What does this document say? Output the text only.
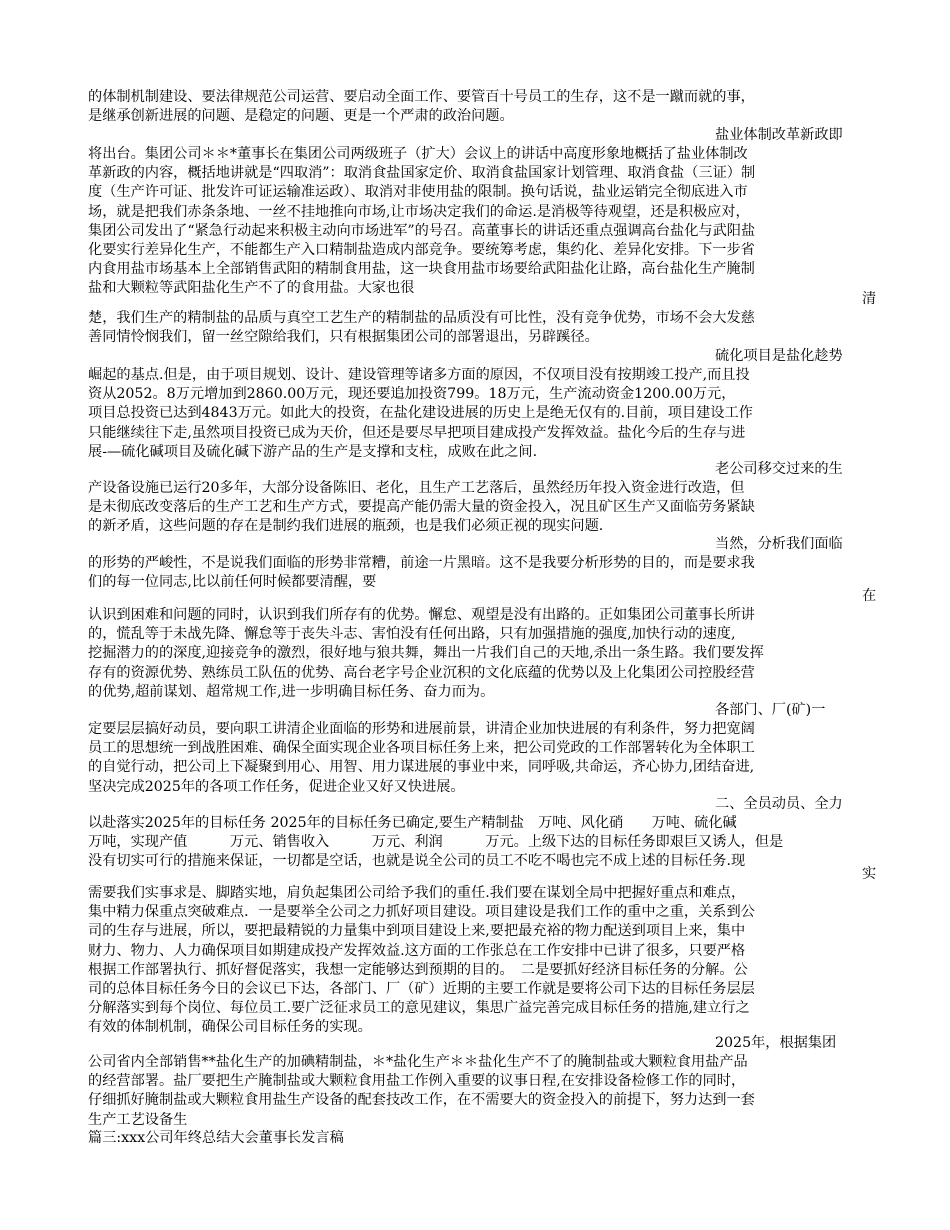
的体制机制建设、要法律规范公司运营、要启动全面工作、要管百十号员工的生存，这不是一蹴而就的事，
是继承创新进展的问题、是稳定的问题、更是一个严肃的政治问题。
盐业体制改革新政即
将出台。集团公司＊＊*董事长在集团公司两级班子（扩大）会议上的讲话中高度形象地概括了盐业体制改
革新政的内容，概括地讲就是“四取消”：取消食盐国家定价、取消食盐国家计划管理、取消食盐（三证）制
度（生产许可证、批发许可证运输准运政）、取消对非使用盐的限制。换句话说，盐业运销完全彻底进入市
场，就是把我们赤条条地、一丝不挂地推向市场,让市场决定我们的命运.是消极等待观望，还是积极应对，
集团公司发出了“紧急行动起来积极主动向市场进军”的号召。高董事长的讲话还重点强调高台盐化与武阳盐
化要实行差异化生产，不能都生产入口精制盐造成内部竞争。要统筹考虑，集约化、差异化安排。下一步省
内食用盐市场基本上全部销售武阳的精制食用盐，这一块食用盐市场要给武阳盐化让路，高台盐化生产腌制
盐和大颗粒等武阳盐化生产不了的食用盐。大家也很
清
楚，我们生产的精制盐的品质与真空工艺生产的精制盐的品质没有可比性，没有竞争优势，市场不会大发慈
善同情怜悯我们，留一丝空隙给我们，只有根据集团公司的部署退出，另辟蹊径。
硫化项目是盐化趁势
崛起的基点.但是，由于项目规划、设计、建设管理等诸多方面的原因，不仅项目没有按期竣工投产,而且投
资从2052。8万元增加到2860.00万元，现还要追加投资799。18万元，生产流动资金1200.00万元，
项目总投资已达到4843万元。如此大的投资，在盐化建设进展的历史上是绝无仅有的.目前，项目建设工作
只能继续往下走,虽然项目投资已成为天价，但还是要尽早把项目建成投产发挥效益。盐化今后的生存与进
展-—硫化碱项目及硫化碱下游产品的生产是支撑和支柱，成败在此之间.
老公司移交过来的生
产设备设施已运行20多年，大部分设备陈旧、老化，且生产工艺落后，虽然经历年投入资金进行改造，但
是未彻底改变落后的生产工艺和生产方式，要提高产能仍需大量的资金投入，况且矿区生产又面临劳务紧缺
的新矛盾，这些问题的存在是制约我们进展的瓶颈，也是我们必须正视的现实问题.
当然，分析我们面临
的形势的严峻性，不是说我们面临的形势非常糟，前途一片黑暗。这不是我要分析形势的目的，而是要求我
们的每一位同志,比以前任何时候都要清醒，要
在
认识到困难和问题的同时，认识到我们所存有的优势。懈怠、观望是没有出路的。正如集团公司董事长所讲
的，慌乱等于未战先降、懈怠等于丧失斗志、害怕没有任何出路，只有加强措施的强度,加快行动的速度,
挖掘潜力的的深度,迎接竞争的激烈，很好地与狼共舞，舞出一片我们自己的天地,杀出一条生路。我们要发挥
存有的资源优势、熟练员工队伍的优势、高台老字号企业沉积的文化底蕴的优势以及上化集团公司控股经营
的优势,超前谋划、超常规工作,进一步明确目标任务、奋力而为。
各部门、厂(矿)一
定要层层搞好动员，要向职工讲清企业面临的形势和进展前景，讲清企业加快进展的有利条件，努力把宽阔
员工的思想统一到战胜困难、确保全面实现企业各项目标任务上来，把公司党政的工作部署转化为全体职工
的自觉行动，把公司上下凝聚到用心、用智、用力谋进展的事业中来，同呼吸,共命运，齐心协力,团结奋进,
坚决完成2025年的各项工作任务，促进企业又好又快进展。
二、全员动员、全力
以赴落实2025年的目标任务 2025年的目标任务已确定,要生产精制盐　万吨、风化硝　　万吨、硫化碱
万吨，实现产值　　　万元、销售收入　　　万元、利润　　　万元。上级下达的目标任务即艰巨又诱人，但是
没有切实可行的措施来保证，一切都是空话，也就是说全公司的员工不吃不喝也完不成上述的目标任务.现
实
需要我们实事求是、脚踏实地，肩负起集团公司给予我们的重任.我们要在谋划全局中把握好重点和难点，
集中精力保重点突破难点．一是要举全公司之力抓好项目建设。项目建设是我们工作的重中之重，关系到公
司的生存与进展，所以，要把最精锐的力量集中到项目建设上来,要把最充裕的物力配送到项目上来，集中
财力、物力、人力确保项目如期建成投产发挥效益.这方面的工作张总在工作安排中已讲了很多，只要严格
根据工作部署执行、抓好督促落实，我想一定能够达到预期的目的。　二是要抓好经济目标任务的分解。公
司的总体目标任务今日的会议已下达，各部门、厂（矿）近期的主要工作就是要将公司下达的目标任务层层
分解落实到每个岗位、每位员工.要广泛征求员工的意见建议，集思广益完善完成目标任务的措施,建立行之
有效的体制机制，确保公司目标任务的实现。
2025年，根据集团
公司省内全部销售**盐化生产的加碘精制盐，＊*盐化生产＊＊盐化生产不了的腌制盐或大颗粒食用盐产品
的经营部署。盐厂要把生产腌制盐或大颗粒食用盐工作例入重要的议事日程,在安排设备检修工作的同时，
仔细抓好腌制盐或大颗粒食用盐生产设备的配套技改工作，在不需要大的资金投入的前提下，努力达到一套
生产工艺设备生
篇三:xxx公司年终总结大会董事长发言稿
